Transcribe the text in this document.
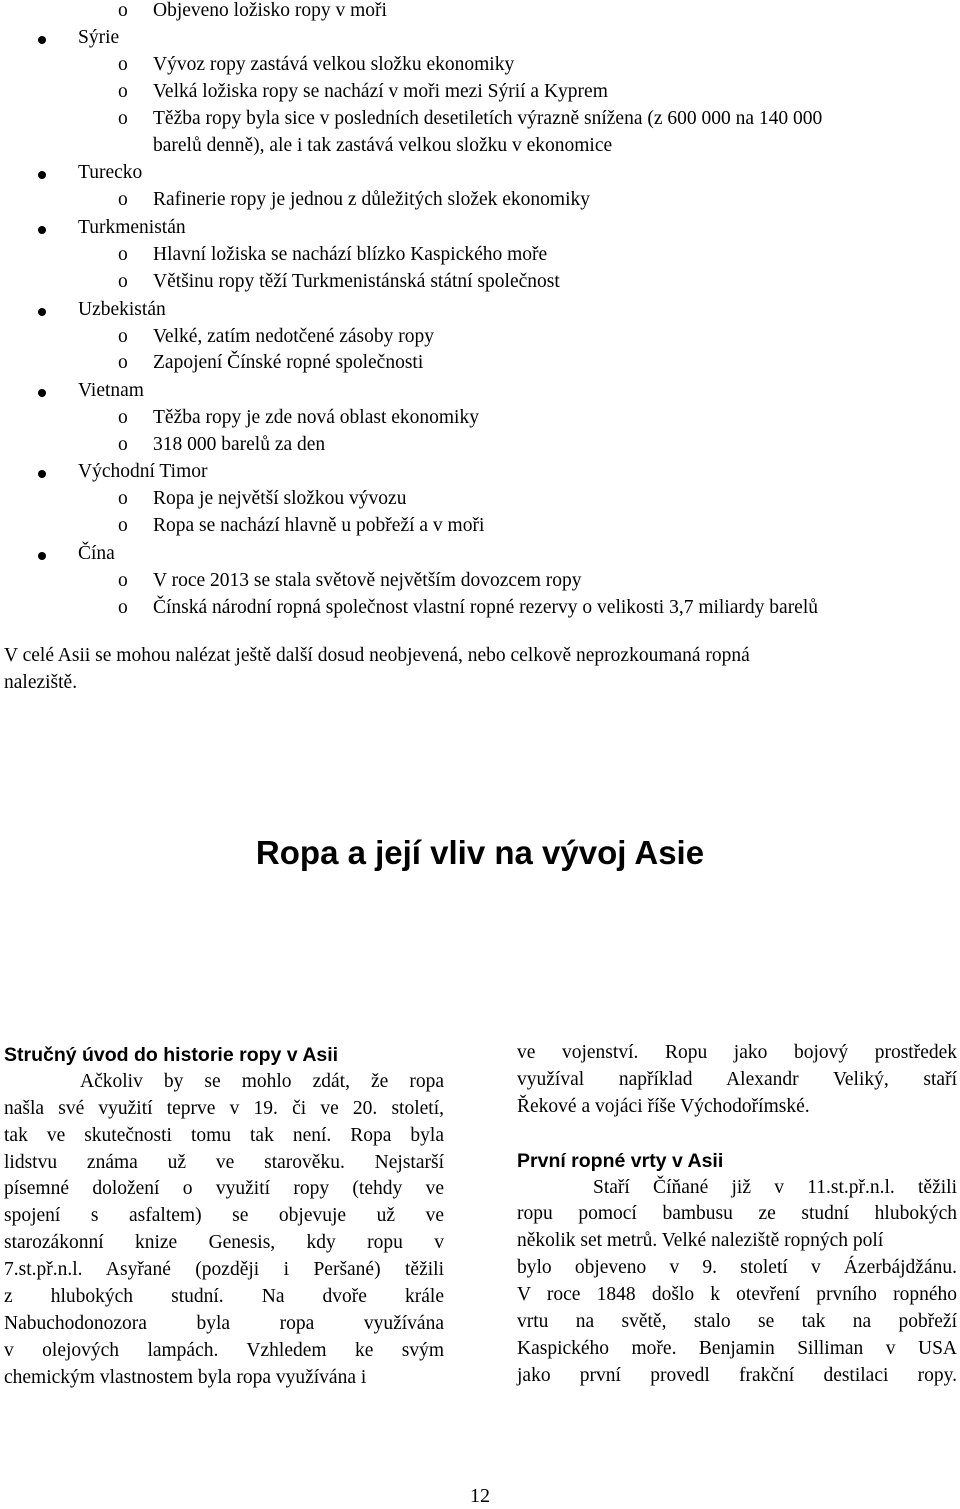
o Objeveno ložisko ropy v moři
Sýrie
o Vývoz ropy zastává velkou složku ekonomiky
o Velká ložiska ropy se nachází v moři mezi Sýrií a Kyprem
o Těžba ropy byla sice v posledních desetiletích výrazně snížena (z 600 000 na 140 000
barelů denně), ale i tak zastává velkou složku v ekonomice
Turecko
o Rafinerie ropy je jednou z důležitých složek ekonomiky
Turkmenistán
o Hlavní ložiska se nachází blízko Kaspického moře
o Většinu ropy těží Turkmenistánská státní společnost
Uzbekistán
o Velké, zatím nedotčené zásoby ropy
o Zapojení Čínské ropné společnosti
Vietnam
o Těžba ropy je zde nová oblast ekonomiky
o 318 000 barelů za den
Východní Timor
o Ropa je největší složkou vývozu
o Ropa se nachází hlavně u pobřeží a v moři
Čína
o V roce 2013 se stala světově největším dovozcem ropy
o Čínská národní ropná společnost vlastní ropné rezervy o velikosti 3,7 miliardy barelů
V celé Asii se mohou nalézat ještě další dosud neobjevená, nebo celkově neprozkoumaná ropná
naleziště.
Ropa a její vliv na vývoj Asie
Stručný úvod do historie ropy v Asii
Ačkoliv by se mohlo zdát, že ropa
našla své využití teprve v 19. či ve 20. století,
tak ve skutečnosti tomu tak není. Ropa byla
lidstvu známa už ve starověku. Nejstarší
písemné doložení o využití ropy (tehdy ve
spojení s asfaltem) se objevuje už ve
starozákonní knize Genesis, kdy ropu v
7.st.př.n.l. Asyřané (později i Peršané) těžili
z hlubokých studní. Na dvoře krále
Nabuchodonozora byla ropa využívána
v olejových lampách. Vzhledem ke svým
chemickým vlastnostem byla ropa využívána i
ve vojenství. Ropu jako bojový prostředek
využíval například Alexandr Veliký, staří
Řekové a vojáci říše Východořímské.
První ropné vrty v Asii
Staří Číňané již v 11.st.př.n.l. těžili
ropu pomocí bambusu ze studní hlubokých
několik set metrů. Velké naleziště ropných polí
bylo objeveno v 9. století v Ázerbájdžánu.
V roce 1848 došlo k otevření prvního ropného
vrtu na světě, stalo se tak na pobřeží
Kaspického moře. Benjamin Silliman v USA
jako první provedl frakční destilaci ropy.
12
